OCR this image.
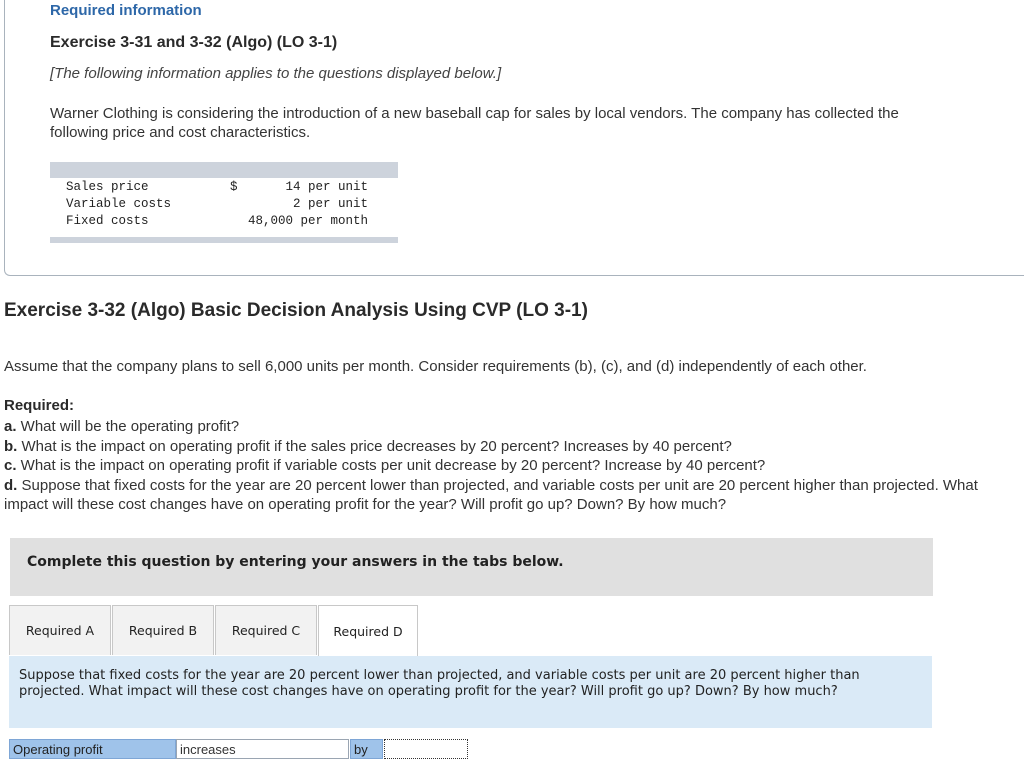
Required information
Exercise 3-31 and 3-32 (Algo) (LO 3-1)
[The following information applies to the questions displayed below.]
Warner Clothing is considering the introduction of a new baseball cap for sales by local vendors. The company has collected the following price and cost characteristics.
Sales price	$	14 per unit
Variable costs	2 per unit
Fixed costs	48,000 per month
Exercise 3-32 (Algo) Basic Decision Analysis Using CVP (LO 3-1)
Assume that the company plans to sell 6,000 units per month. Consider requirements (b), (c), and (d) independently of each other.
Required:
a. What will be the operating profit?
b. What is the impact on operating profit if the sales price decreases by 20 percent? Increases by 40 percent?
c. What is the impact on operating profit if variable costs per unit decrease by 20 percent? Increase by 40 percent?
d. Suppose that fixed costs for the year are 20 percent lower than projected, and variable costs per unit are 20 percent higher than projected. What impact will these cost changes have on operating profit for the year? Will profit go up? Down? By how much?
Complete this question by entering your answers in the tabs below.
Required A	Required B	Required C	Required D
Suppose that fixed costs for the year are 20 percent lower than projected, and variable costs per unit are 20 percent higher than projected. What impact will these cost changes have on operating profit for the year? Will profit go up? Down? By how much?
Operating profit	increases	by
